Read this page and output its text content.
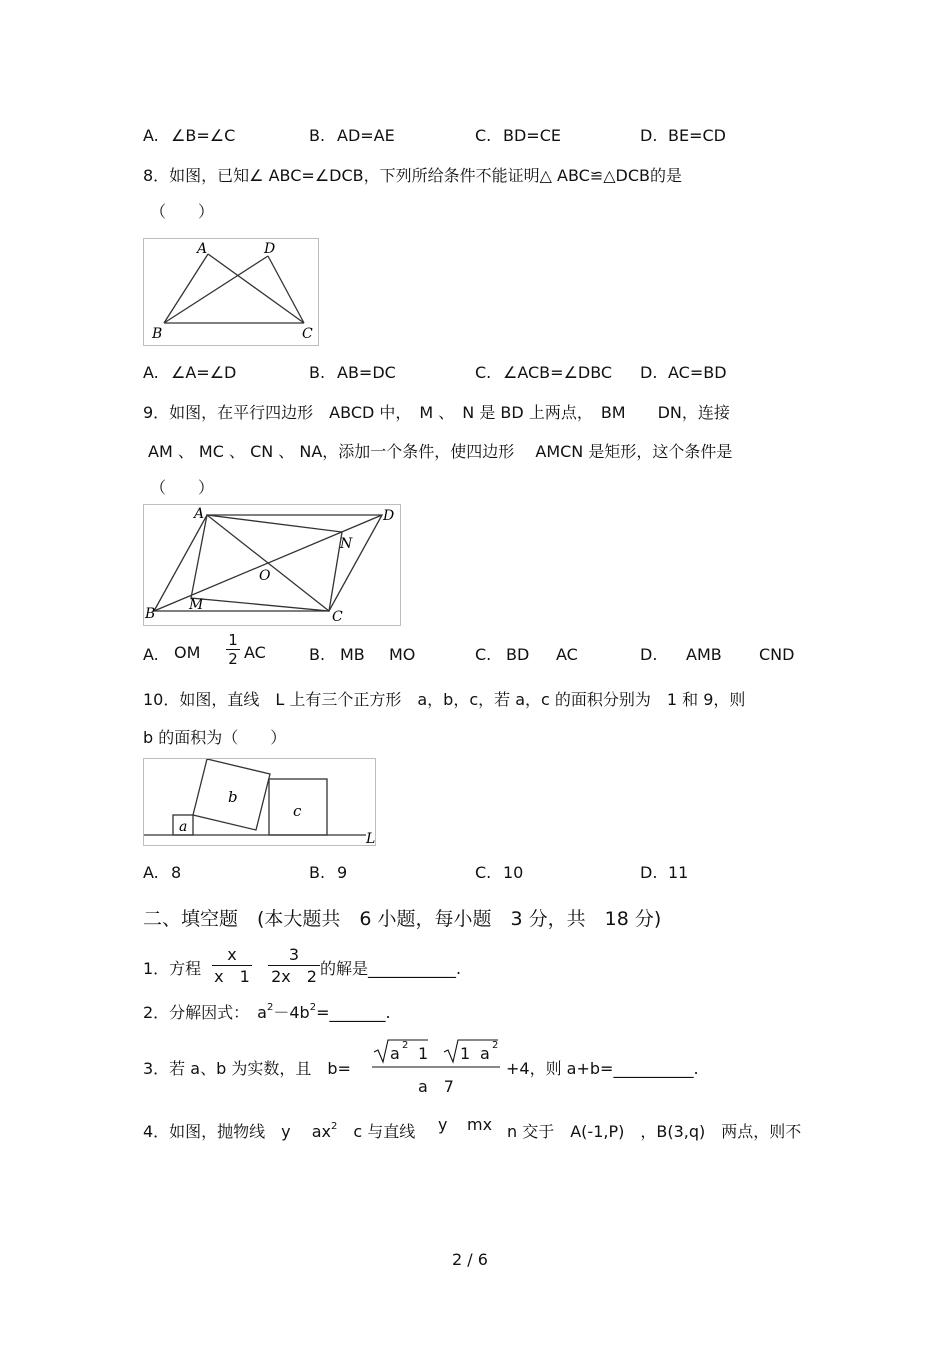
A. ∠B=∠C	B. AD=AE	C. BD=CE	D. BE=CD
8．如图，已知∠ ABC=∠DCB，下列所给条件不能证明△ ABC≌△DCB的是
（　　）
A	D
B	C
A. ∠A=∠D	B. AB=DC	C. ∠ACB=∠DBC D. AC=BD
9．如图，在平行四边形　ABCD 中，　M 、　N 是 BD 上两点，　BM　　DN，连接
AM 、 MC 、 CN 、 NA，添加一个条件，使四边形　 AMCN 是矩形，这个条件是
（　　）
A	D
N
O
B
M
C
A. OM $\frac{1}{2}$ AC	B. MB MO	C. BD AC	D. AMB CND
10．如图，直线　L 上有三个正方形　a，b，c，若 a，c 的面积分别为　1 和 9，则
b 的面积为（　　）
a
b
c
L
A. 8	B. 9	C. 10	D. 11
二、填空题　(本大题共　6 小题，每小题　3 分，共　18 分)
1．方程 $\frac{x}{x 1} \frac{3}{2x 2}$ 的解是___________.
2．分解因式：　$a^2-4b^2=\_\_\_\_\_\_\_$.
3．若 a、b 为实数，且　b=
a 2 1 1 a 2
a　7
+4，则 a+b=__________.
4．如图，抛物线　y　 $ax^2$　c 与直线 y mx n 交于　A(-1,P)　，B(3,q)　两点，则不
2 / 6
